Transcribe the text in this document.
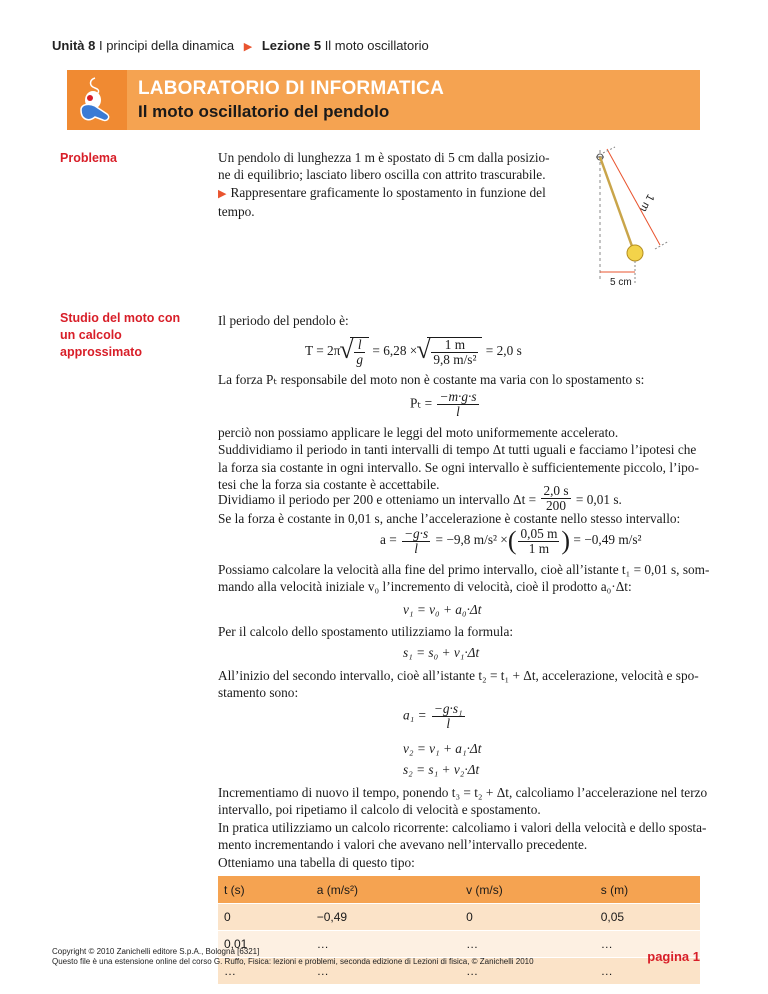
Unità 8 I principi della dinamica ▶ Lezione 5 Il moto oscillatorio
LABORATORIO DI INFORMATICA
Il moto oscillatorio del pendolo
Problema	Un pendolo di lunghezza 1 m è spostato di 5 cm dalla posizio-
ne di equilibrio; lasciato libero oscilla con attrito trascurabile.
▶ Rappresentare graficamente lo spostamento in funzione del
tempo.	1 m
5 cm
Studio del moto con un calcolo approssimato
Il periodo del pendolo è:
T = 2π √ $\frac{l}{g} = 6,28$ × √ $\frac{1 m}{\text{9,8 m/s²}} = 2,0$ s
La forza Pₜ responsabile del moto non è costante ma varia con lo spostamento s:
$P_t = \frac{-m\cdot g\cdot s}{l}$
perciò non possiamo applicare le leggi del moto uniformemente accelerato.
Suddividiamo il periodo in tanti intervalli di tempo Δt tutti uguali e facciamo l’ipotesi che
la forza sia costante in ogni intervallo. Se ogni intervallo è sufficientemente piccolo, l’ipo-
tesi che la forza sia costante è accettabile.
Dividiamo il periodo per 200 e otteniamo un intervallo $\Delta t = \frac{2,0 s}{200} = 0,01$ s.
Se la forza è costante in 0,01 s, anche l’accelerazione è costante nello stesso intervallo:
$a = \frac{-g\cdot s}{l} = -9,8$ m/s² ×( $\frac{0,05 m}{1 m}$ ) = −0,49 m/s²
Possiamo calcolare la velocità alla fine del primo intervallo, cioè all’istante t₁ = 0,01 s, som-
mando alla velocità iniziale v₀ l’incremento di velocità, cioè il prodotto a₀·Δt:
v₁ = v₀ + a₀·Δt
Per il calcolo dello spostamento utilizziamo la formula:
s₁ = s₀ + v₁·Δt
All’inizio del secondo intervallo, cioè all’istante t₂ = t₁ + Δt, accelerazione, velocità e spo-
stamento sono:
$a_1 = \frac{\text{−g·s₁}}{l}$
v₂ = v₁ + a₁·Δt
s₂ = s₁ + v₂·Δt
Incrementiamo di nuovo il tempo, ponendo t₃ = t₂ + Δt, calcoliamo l’accelerazione nel terzo
intervallo, poi ripetiamo il calcolo di velocità e spostamento.
In pratica utilizziamo un calcolo ricorrente: calcoliamo i valori della velocità e dello sposta-
mento incrementando i valori che avevano nell’intervallo precedente.
Otteniamo una tabella di questo tipo:
t (s)	a (m/s²)	v (m/s)	s (m)
0	−0,49	0	0,05
0,01	…	…	…
…	…	…	…
Copyright © 2010 Zanichelli editore S.p.A., Bologna [6321]
Questo file è una estensione online del corso G. Ruffo, Fisica: lezioni e problemi, seconda edizione di Lezioni di fisica, © Zanichelli 2010	pagina 1
